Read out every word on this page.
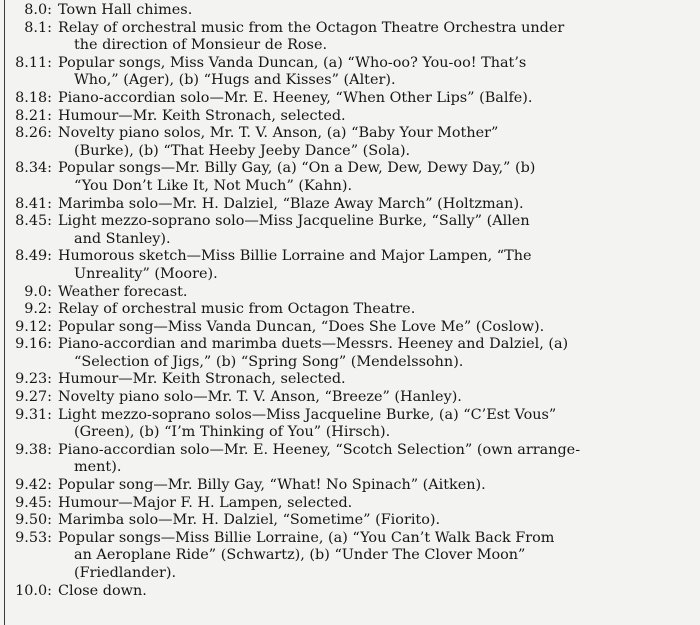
8.0: Town Hall chimes.
8.1: Relay of orchestral music from the Octagon Theatre Orchestra under
the direction of Monsieur de Rose.
8.11: Popular songs, Miss Vanda Duncan, (a) “Who-oo? You-oo! That’s
Who,” (Ager), (b) “Hugs and Kisses” (Alter).
8.18: Piano-accordian solo—Mr. E. Heeney, “When Other Lips” (Balfe).
8.21: Humour—Mr. Keith Stronach, selected.
8.26: Novelty piano solos, Mr. T. V. Anson, (a) “Baby Your Mother”
(Burke), (b) “That Heeby Jeeby Dance” (Sola).
8.34: Popular songs—Mr. Billy Gay, (a) “On a Dew, Dew, Dewy Day,” (b)
“You Don’t Like It, Not Much” (Kahn).
8.41: Marimba solo—Mr. H. Dalziel, “Blaze Away March” (Holtzman).
8.45: Light mezzo-soprano solo—Miss Jacqueline Burke, “Sally” (Allen
and Stanley).
8.49: Humorous sketch—Miss Billie Lorraine and Major Lampen, “The
Unreality” (Moore).
9.0: Weather forecast.
9.2: Relay of orchestral music from Octagon Theatre.
9.12: Popular song—Miss Vanda Duncan, “Does She Love Me” (Coslow).
9.16: Piano-accordian and marimba duets—Messrs. Heeney and Dalziel, (a)
“Selection of Jigs,” (b) “Spring Song” (Mendelssohn).
9.23: Humour—Mr. Keith Stronach, selected.
9.27: Novelty piano solo—Mr. T. V. Anson, “Breeze” (Hanley).
9.31: Light mezzo-soprano solos—Miss Jacqueline Burke, (a) “C’Est Vous”
(Green), (b) “I’m Thinking of You” (Hirsch).
9.38: Piano-accordian solo—Mr. E. Heeney, “Scotch Selection” (own arrange-
ment).
9.42: Popular song—Mr. Billy Gay, “What! No Spinach” (Aitken).
9.45: Humour—Major F. H. Lampen, selected.
9.50: Marimba solo—Mr. H. Dalziel, “Sometime” (Fiorito).
9.53: Popular songs—Miss Billie Lorraine, (a) “You Can’t Walk Back From
an Aeroplane Ride” (Schwartz), (b) “Under The Clover Moon”
(Friedlander).
10.0: Close down.
